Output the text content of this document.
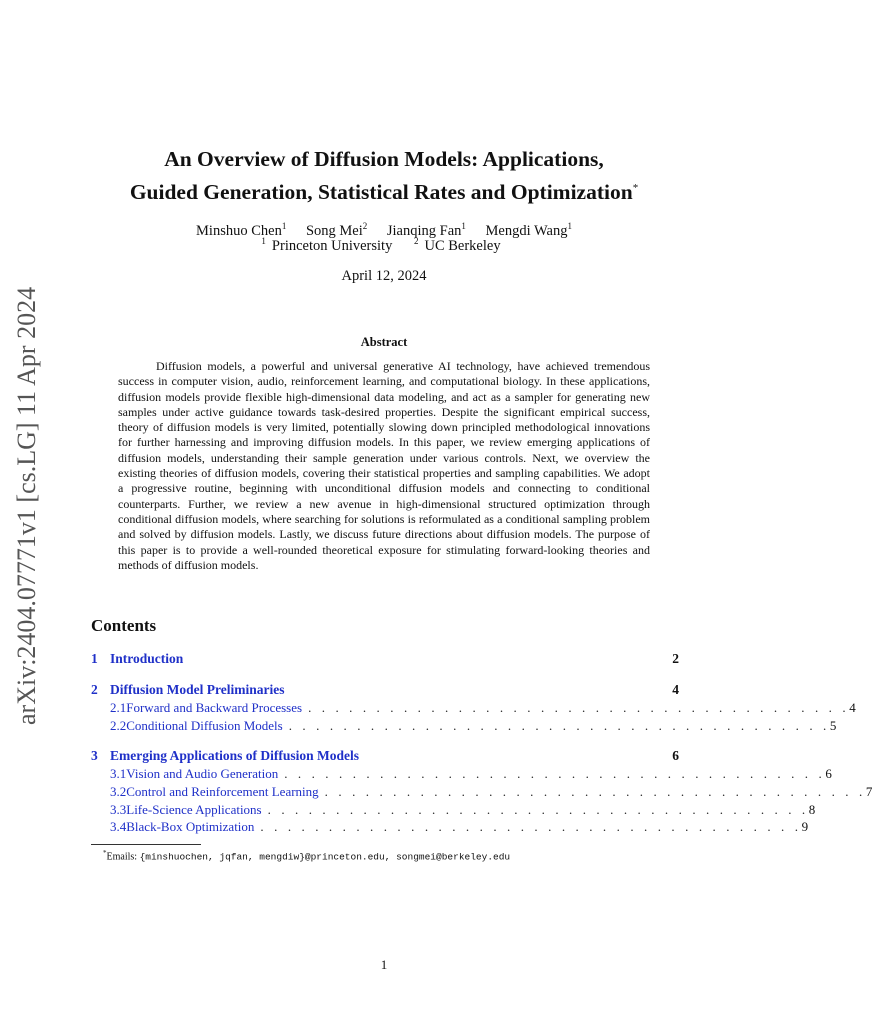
arXiv:2404.07771v1 [cs.LG] 11 Apr 2024
An Overview of Diffusion Models: Applications,
Guided Generation, Statistical Rates and Optimization*
Minshuo Chen$^1$ Song Mei$^2$ Jianqing Fan$^1$ Mengdi Wang$^1$
$^1$ Princeton University $^2$ UC Berkeley
April 12, 2024
Abstract
Diffusion models, a powerful and universal generative AI technology, have achieved tremendous success in computer vision, audio, reinforcement learning, and computational biology. In these applications, diffusion models provide flexible high-dimensional data modeling, and act as a sampler for generating new samples under active guidance towards task-desired properties. Despite the significant empirical success, theory of diffusion models is very limited, potentially slowing down principled methodological innovations for further harnessing and improving diffusion models. In this paper, we review emerging applications of diffusion models, understanding their sample generation under various controls. Next, we overview the existing theories of diffusion models, covering their statistical properties and sampling capabilities. We adopt a progressive routine, beginning with unconditional diffusion models and connecting to conditional counterparts. Further, we review a new avenue in high-dimensional structured optimization through conditional diffusion models, where searching for solutions is reformulated as a conditional sampling problem and solved by diffusion models. Lastly, we discuss future directions about diffusion models. The purpose of this paper is to provide a well-rounded theoretical exposure for stimulating forward-looking theories and methods of diffusion models.
Contents
1 Introduction	2
2 Diffusion Model Preliminaries	4
2.1 Forward and Backward Processes . . . . . . . . . . . . . . . . . . . . . . . . . . . . . . . . . . . . . . . . 4
2.2 Conditional Diffusion Models . . . . . . . . . . . . . . . . . . . . . . . . . . . . . . . . . . . . . . . . 5
3 Emerging Applications of Diffusion Models	6
3.1 Vision and Audio Generation . . . . . . . . . . . . . . . . . . . . . . . . . . . . . . . . . . . . . . . . 6
3.2 Control and Reinforcement Learning . . . . . . . . . . . . . . . . . . . . . . . . . . . . . . . . . . . . . . . . 7
3.3 Life-Science Applications . . . . . . . . . . . . . . . . . . . . . . . . . . . . . . . . . . . . . . . . 8
3.4 Black-Box Optimization . . . . . . . . . . . . . . . . . . . . . . . . . . . . . . . . . . . . . . . . 9
*Emails: {minshuochen, jqfan, mengdiw}@princeton.edu, songmei@berkeley.edu
1
